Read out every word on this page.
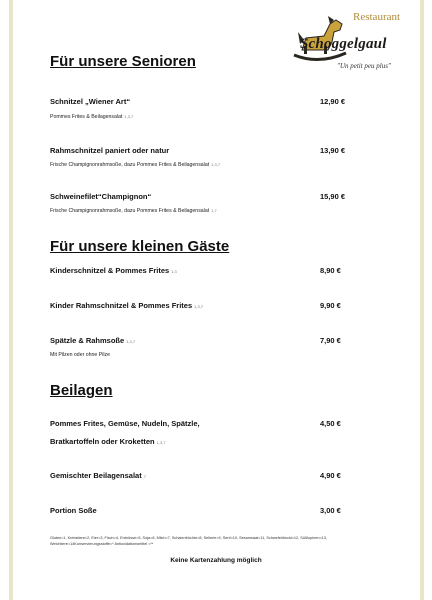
Restaurant
Schoggelgaul
"Un petit peu plus"
Für unsere Senioren
Schnitzel „Wiener Art“	12,90 €
Pommes Frites & Beilagensalat 1,3,7
Rahmschnitzel paniert oder natur	13,90 €
Frische Champignonrahmsoße, dazu Pommes Frites & Beilagensalat 1,3,7
Schweinefilet“Champignon“	15,90 €
Frische Champignonrahmsoße, dazu Pommes Frites & Beilagensalat 1,7
Für unsere kleinen Gäste
Kinderschnitzel & Pommes Frites 1,3	8,90 €
Kinder Rahmschnitzel & Pommes Frites 1,3,7	9,90 €
Spätzle & Rahmsoße 1,3,7	7,90 €
Mit Pilzen oder ohne Pilze
Beilagen
Pommes Frites, Gemüse, Nudeln, Spätzle,	4,50 €
Bratkartoffeln oder Kroketten 1,3,7
Gemischter Beilagensalat 7	4,90 €
Portion Soße	3,00 €
Gluten=1, Krebstiere=2, Eier=3, Fisch=4, Erdnüsse=5, Soja=6, Milch=7, Schalenfrüchte=8, Sellerie=9, Senf=10, Sesamsaat=11, Schwefeldioxid=12, Süßlupinen=13, Weichtiere=14Konservierungsstoffe=* Antioxidationsmittel =**
Keine Kartenzahlung möglich
